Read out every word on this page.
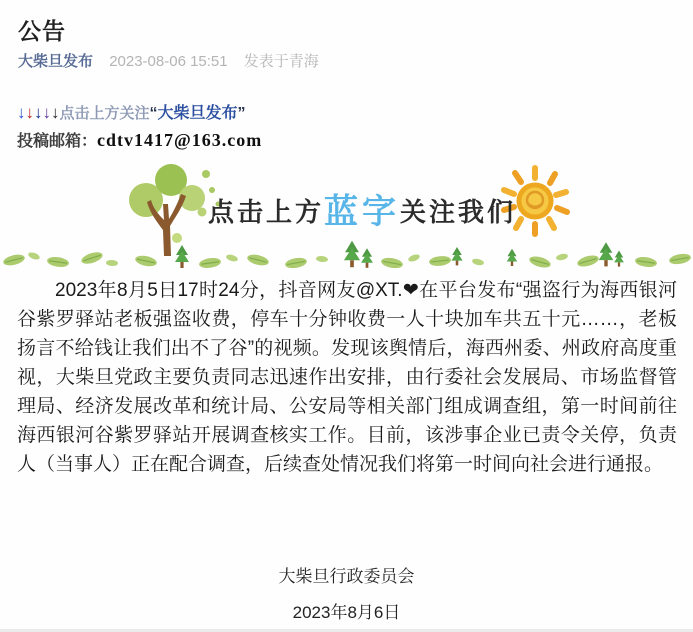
公告
大柴旦发布 2023-08-06 15:51 发表于青海
↓↓↓↓↓点击上方关注“大柴旦发布”
投稿邮箱：cdtv1417@163.com
点击上方蓝字关注我们
2023年8月5日17时24分，抖音网友@XT.❤在平台发布“强盗行为海西银河谷紫罗驿站老板强盗收费，停车十分钟收费一人十块加车共五十元……，老板扬言不给钱让我们出不了谷”的视频。发现该舆情后，海西州委、州政府高度重视，大柴旦党政主要负责同志迅速作出安排，由行委社会发展局、市场监督管理局、经济发展改革和统计局、公安局等相关部门组成调查组，第一时间前往海西银河谷紫罗驿站开展调查核实工作。目前，该涉事企业已责令关停，负责人（当事人）正在配合调查，后续查处情况我们将第一时间向社会进行通报。
大柴旦行政委员会
2023年8月6日
